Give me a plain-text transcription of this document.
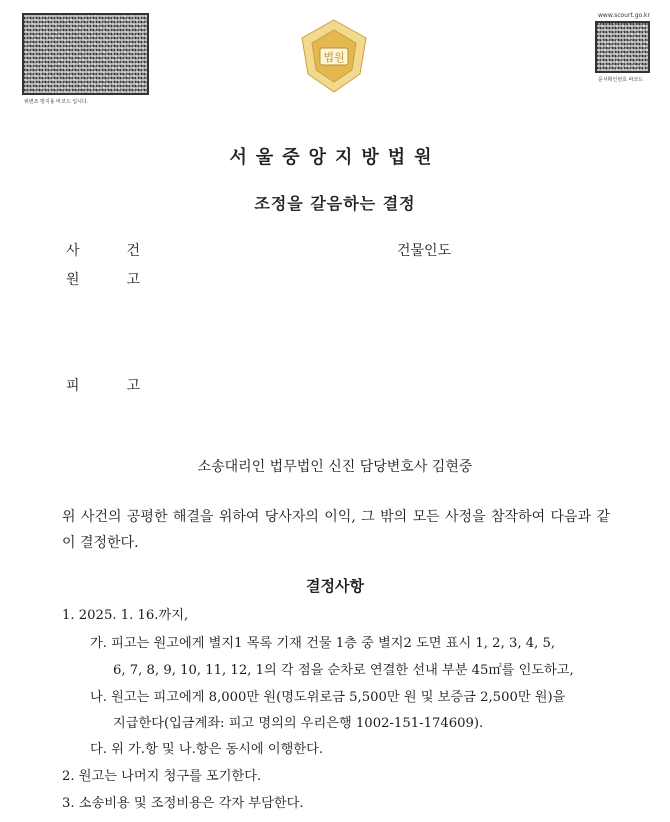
위변조 방지용 바코드 입니다.
www.scourt.go.kr
문서확인번호 바코드
법원
서울중앙지방법원
조정을 갈음하는 결정
사	건	건물인도
원	고
피	고
소송대리인 법무법인 신진 담당변호사 김현중
위 사건의 공평한 해결을 위하여 당사자의 이익, 그 밖의 모든 사정을 참작하여 다음과 같이 결정한다.
결정사항
1. 2025. 1. 16.까지,
가. 피고는 원고에게 별지1 목록 기재 건물 1층 중 별지2 도면 표시 1, 2, 3, 4, 5,
6, 7, 8, 9, 10, 11, 12, 1의 각 점을 순차로 연결한 선내 부분 45㎡를 인도하고,
나. 원고는 피고에게 8,000만 원(명도위로금 5,500만 원 및 보증금 2,500만 원)을
지급한다(입금계좌: 피고 명의의 우리은행 1002-151-174609).
다. 위 가.항 및 나.항은 동시에 이행한다.
2. 원고는 나머지 청구를 포기한다.
3. 소송비용 및 조정비용은 각자 부담한다.
